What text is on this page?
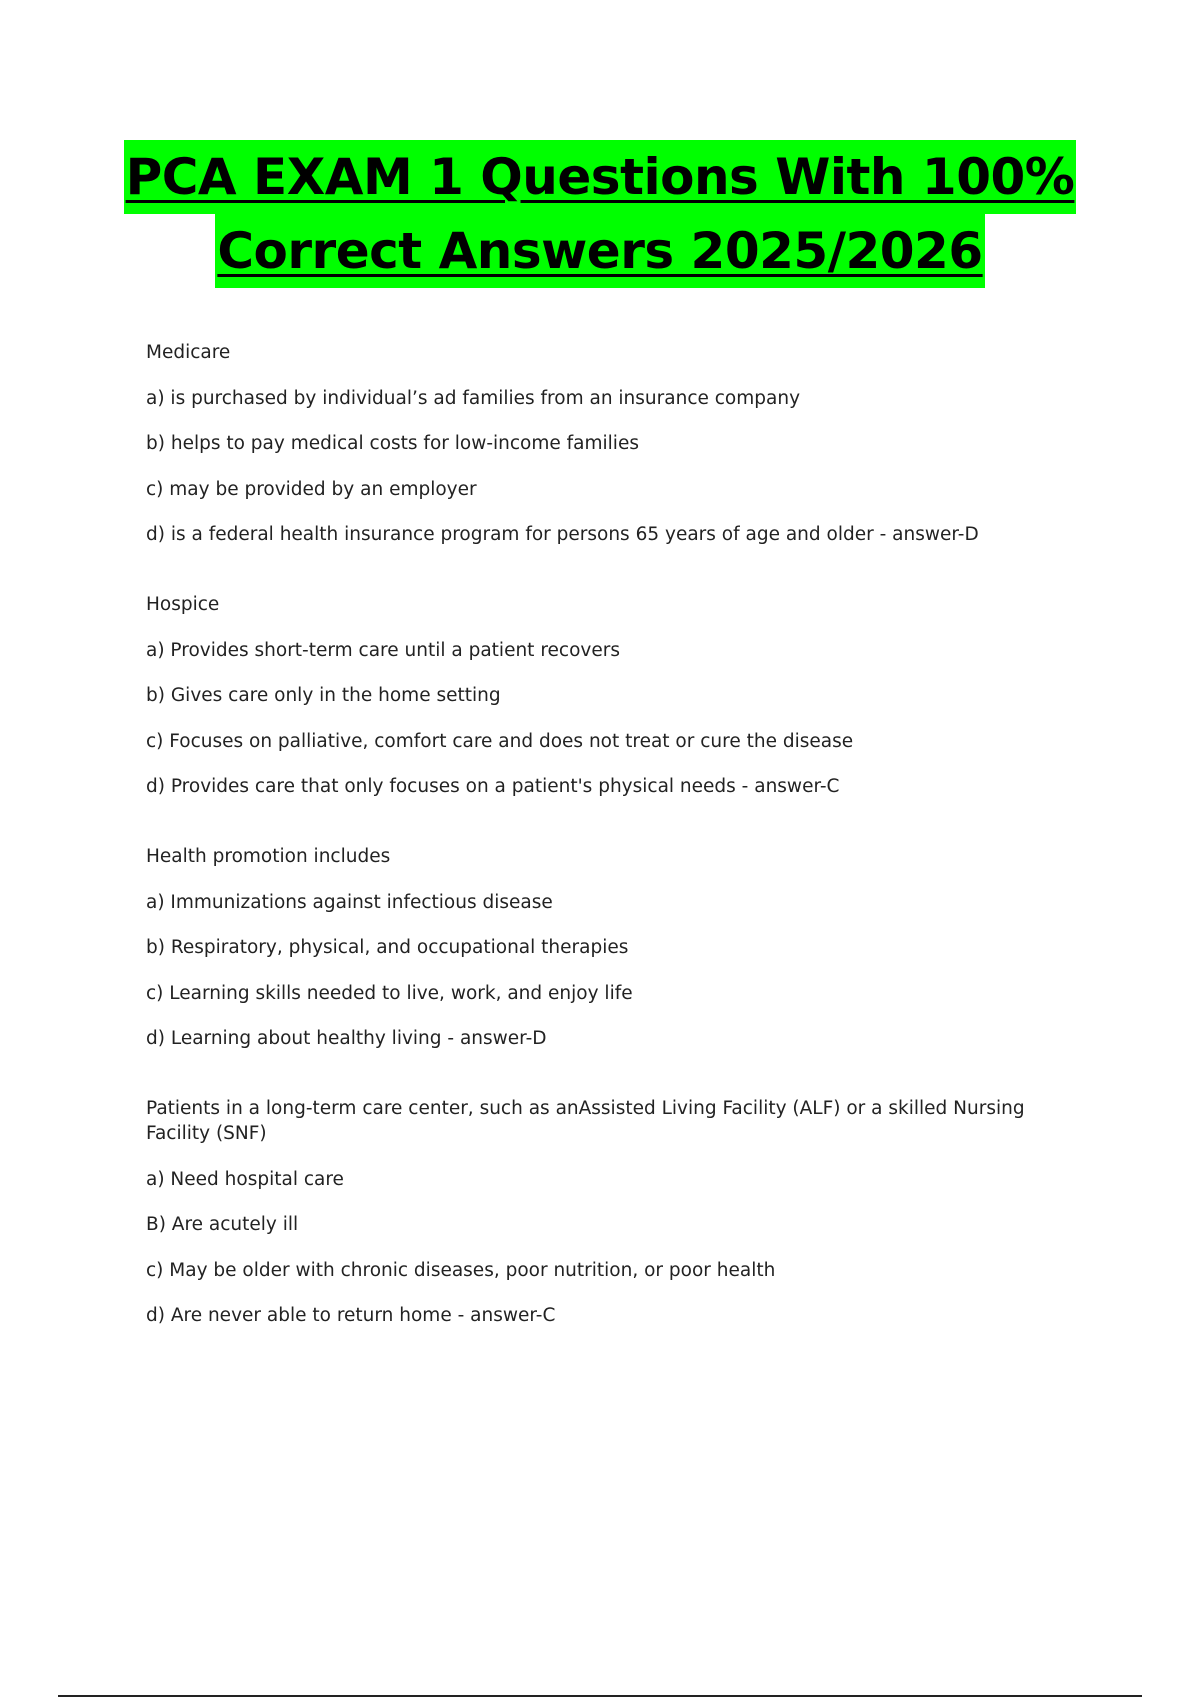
PCA EXAM 1 Questions With 100%
Correct Answers 2025/2026

Medicare

a) is purchased by individual’s ad families from an insurance company

b) helps to pay medical costs for low-income families

c) may be provided by an employer

d) is a federal health insurance program for persons 65 years of age and older - answer-D

Hospice

a) Provides short-term care until a patient recovers

b) Gives care only in the home setting

c) Focuses on palliative, comfort care and does not treat or cure the disease

d) Provides care that only focuses on a patient's physical needs - answer-C

Health promotion includes

a) Immunizations against infectious disease

b) Respiratory, physical, and occupational therapies

c) Learning skills needed to live, work, and enjoy life

d) Learning about healthy living - answer-D

Patients in a long-term care center, such as anAssisted Living Facility (ALF) or a skilled Nursing Facility (SNF)

a) Need hospital care

B) Are acutely ill

c) May be older with chronic diseases, poor nutrition, or poor health

d) Are never able to return home - answer-C
